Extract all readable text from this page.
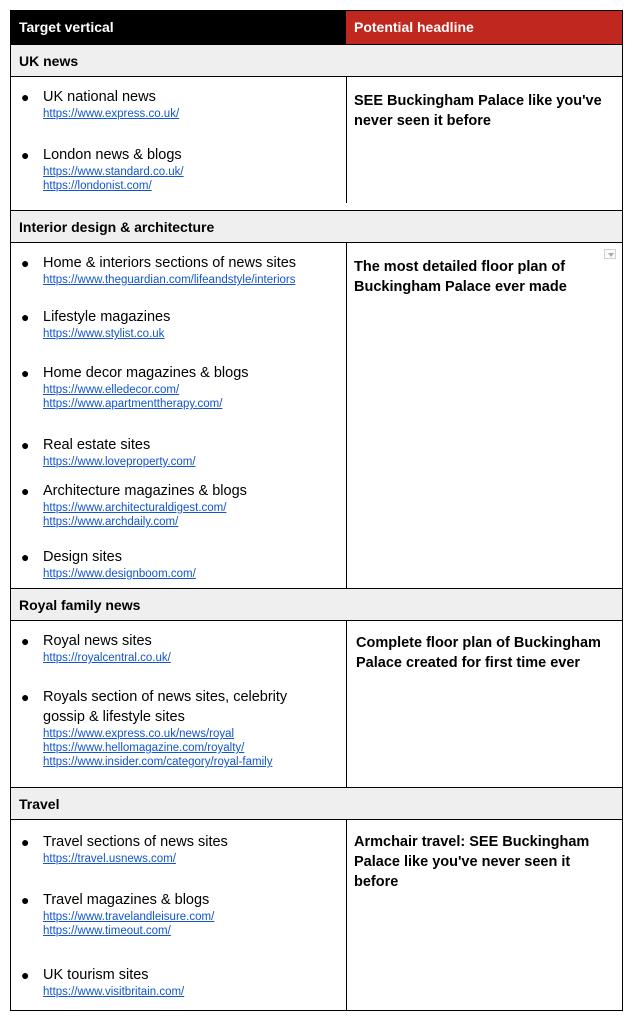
Target vertical	Potential headline
UK news
● UK national news
https://www.express.co.uk/
● London news & blogs
https://www.standard.co.uk/
https://londonist.com/
SEE Buckingham Palace like you've never seen it before
Interior design & architecture
● Home & interiors sections of news sites
https://www.theguardian.com/lifeandstyle/interiors
● Lifestyle magazines
https://www.stylist.co.uk
● Home decor magazines & blogs
https://www.elledecor.com/
https://www.apartmenttherapy.com/
● Real estate sites
https://www.loveproperty.com/
● Architecture magazines & blogs
https://www.architecturaldigest.com/
https://www.archdaily.com/
● Design sites
https://www.designboom.com/
The most detailed floor plan of Buckingham Palace ever made
Royal family news
● Royal news sites
https://royalcentral.co.uk/
● Royals section of news sites, celebrity gossip & lifestyle sites
https://www.express.co.uk/news/royal
https://www.hellomagazine.com/royalty/
https://www.insider.com/category/royal-family
Complete floor plan of Buckingham Palace created for first time ever
Travel
● Travel sections of news sites
https://travel.usnews.com/
● Travel magazines & blogs
https://www.travelandleisure.com/
https://www.timeout.com/
● UK tourism sites
https://www.visitbritain.com/
Armchair travel: SEE Buckingham Palace like you've never seen it before
